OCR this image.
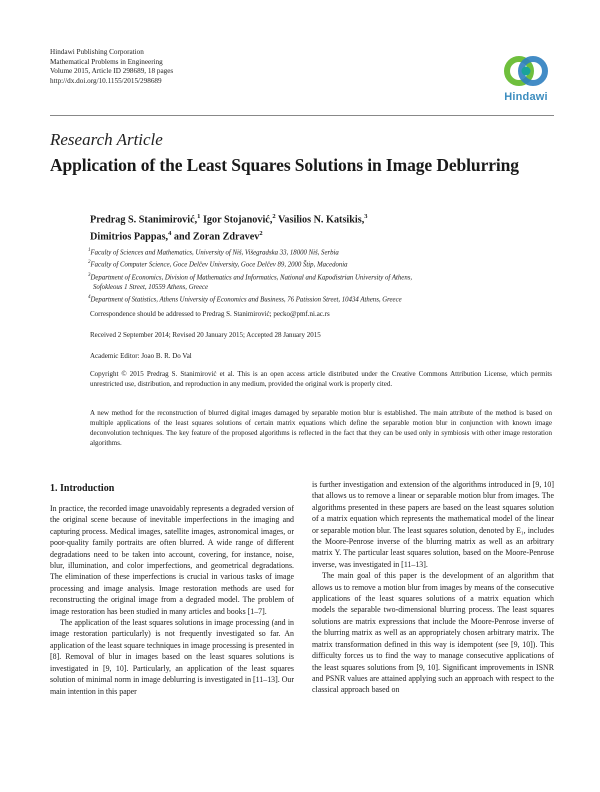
Hindawi Publishing Corporation
Mathematical Problems in Engineering
Volume 2015, Article ID 298689, 18 pages
http://dx.doi.org/10.1155/2015/298689
Hindawi
Research Article
Application of the Least Squares Solutions in Image Deblurring
Predrag S. Stanimirović,$^1$ Igor Stojanović,$^2$ Vasilios N. Katsikis,$^3$
Dimitrios Pappas,$^4$ and Zoran Zdravev$^2$
$^1$Faculty of Sciences and Mathematics, University of Niš, Višegradska 33, 18000 Niš, Serbia
$^2$Faculty of Computer Science, Goce Delčev University, Goce Delčev 89, 2000 Štip, Macedonia
$^3$Department of Economics, Division of Mathematics and Informatics, National and Kapodistrian University of Athens,
Sofokleous 1 Street, 10559 Athens, Greece
$^4$Department of Statistics, Athens University of Economics and Business, 76 Patission Street, 10434 Athens, Greece
Correspondence should be addressed to Predrag S. Stanimirović; pecko@pmf.ni.ac.rs
Received 2 September 2014; Revised 20 January 2015; Accepted 28 January 2015
Academic Editor: Joao B. R. Do Val
Copyright © 2015 Predrag S. Stanimirović et al. This is an open access article distributed under the Creative Commons Attribution License, which permits unrestricted use, distribution, and reproduction in any medium, provided the original work is properly cited.
A new method for the reconstruction of blurred digital images damaged by separable motion blur is established. The main attribute of the method is based on multiple applications of the least squares solutions of certain matrix equations which define the separable motion blur in conjunction with known image deconvolution techniques. The key feature of the proposed algorithms is reflected in the fact that they can be used only in symbiosis with other image restoration algorithms.
1. Introduction

In practice, the recorded image unavoidably represents a degraded version of the original scene because of inevitable imperfections in the imaging and capturing process. Medical images, satellite images, astronomical images, or poor-quality family portraits are often blurred. A wide range of different degradations need to be taken into account, covering, for instance, noise, blur, illumination, and color imperfections, and geometrical degradations. The elimination of these imperfections is crucial in various tasks of image processing and image analysis. Image restoration methods are used for reconstructing the original image from a degraded model. The problem of image restoration has been studied in many articles and books [1–7].

The application of the least squares solutions in image processing (and in image restoration particularly) is not frequently investigated so far. An application of the least square techniques in image processing is presented in [8]. Removal of blur in images based on the least squares solutions is investigated in [9, 10]. Particularly, an application of the least squares solution of minimal norm in image deblurring is investigated in [11–13]. Our main intention in this paper

is further investigation and extension of the algorithms introduced in [9, 10] that allows us to remove a linear or separable motion blur from images. The algorithms presented in these papers are based on the least squares solution of a matrix equation which represents the mathematical model of the linear or separable motion blur. The least squares solution, denoted by E₁, includes the Moore-Penrose inverse of the blurring matrix as well as an arbitrary matrix Y. The particular least squares solution, based on the Moore-Penrose inverse, was investigated in [11–13].

The main goal of this paper is the development of an algorithm that allows us to remove a motion blur from images by means of the consecutive applications of the least squares solutions of a matrix equation which models the separable two-dimensional blurring process. The least squares solutions are matrix expressions that include the Moore-Penrose inverse of the blurring matrix as well as an appropriately chosen arbitrary matrix. The matrix transformation defined in this way is idempotent (see [9, 10]). This difficulty forces us to find the way to manage consecutive applications of the least squares solutions from [9, 10]. Significant improvements in ISNR and PSNR values are attained applying such an approach with respect to the classical approach based on
